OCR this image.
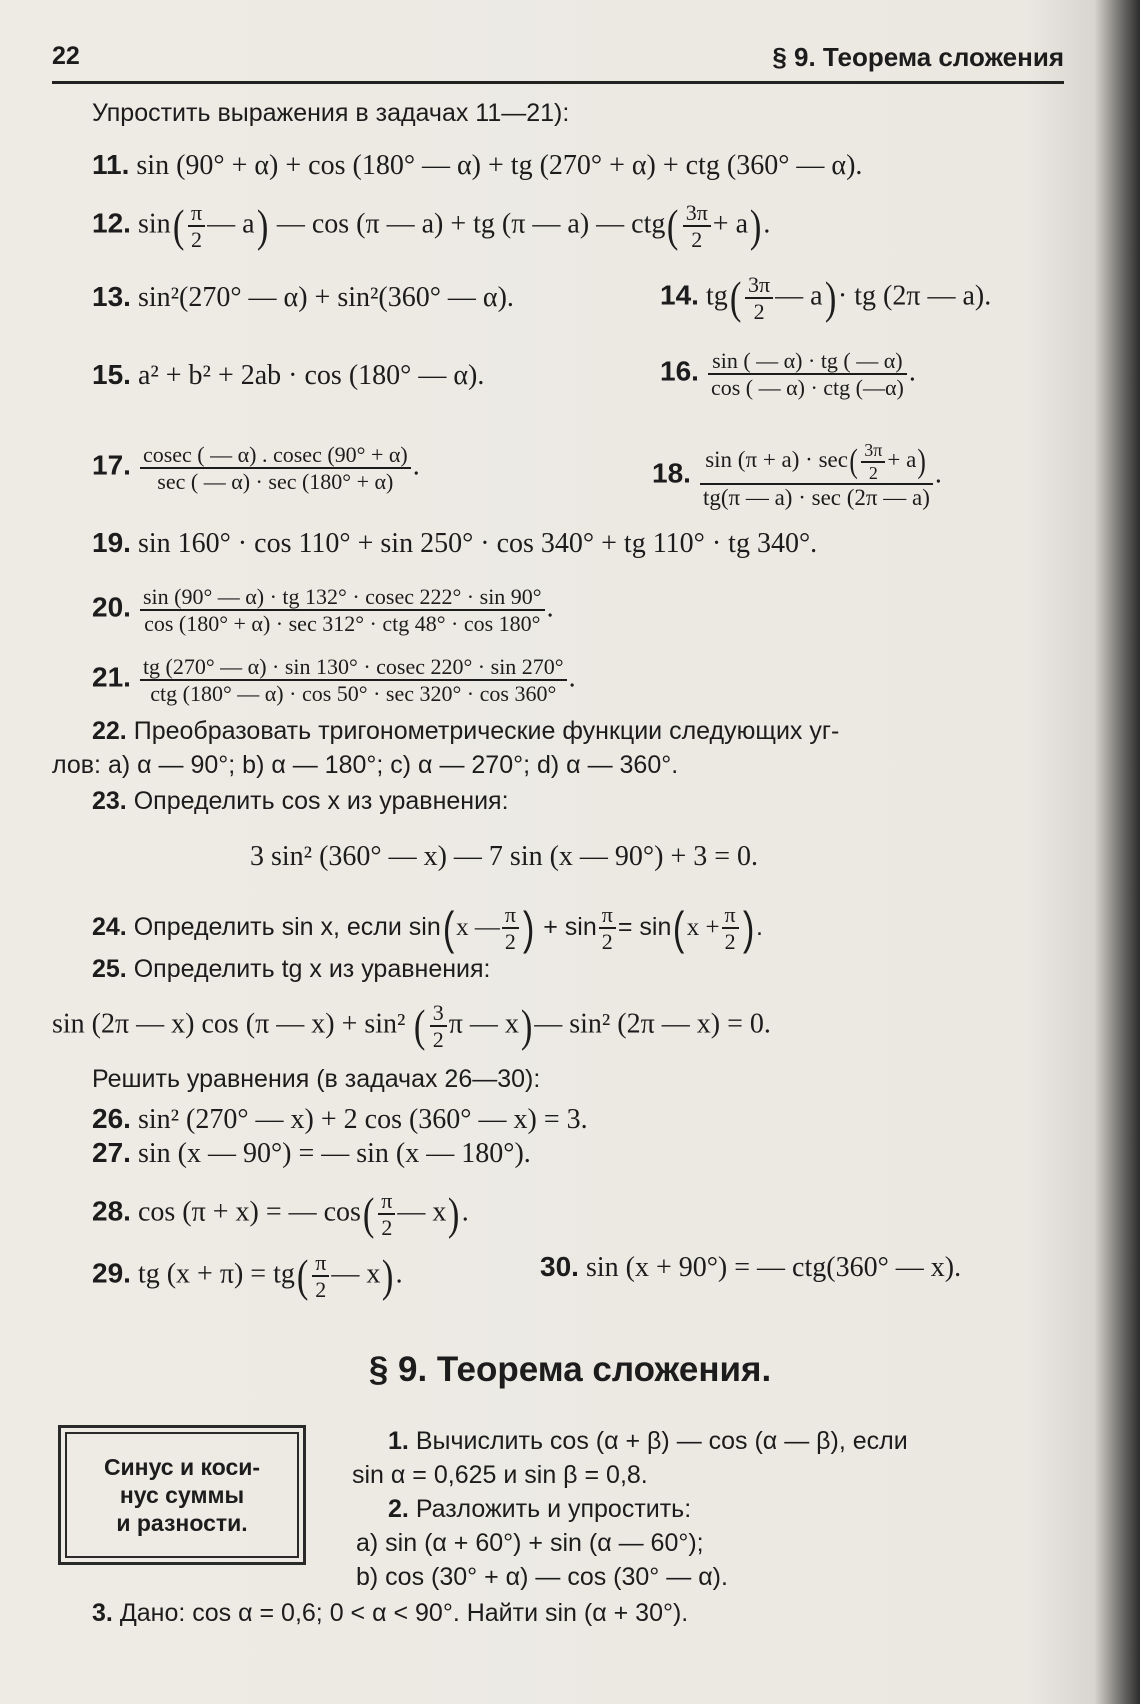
22	§ 9. Теорема сложения
Упростить выражения в задачах 11—21):
11. sin (90° + α) + cos (180° — α) + tg (270° + α) + ctg (360° — α).
12. $\sin( \frac{\pi}{2}$ — a) — cos (π — a) + tg (π — a) — $ctg( \frac{3\pi}{2} + a)$.
13. sin²(270° — α) + sin²(360° — α).	14. $tg( \frac{3\pi}{2}$ — a)· tg (2π — a).
15. a² + b² + 2ab · cos (180° — α).	16. $\frac{\sin ( — \alpha) \cdot tg ( — \alpha)}{\text{cos ( — α) · ctg (—α)}}$ .
17. $\frac{cosec ( — \alpha) . cosec (90^\circ + \alpha)}{\sec ( — \alpha) \cdot \sec (180^\circ + \alpha)}$ .	18. $\frac{\sin (\pi + a) \cdot \sec( \frac{3\pi}{2} + a)}{tg(\pi — a) \cdot \sec (2\pi — a)}$ .
19. sin 160° · cos 110° + sin 250° · cos 340° + tg 110° · tg 340°.
20. $\frac{\sin (90^\circ — \alpha) \cdot tg 132^\circ \cdot cosec 222^\circ \cdot \sin 90^\circ}{\text{cos (180° + α) · sec 312° · ctg 48° · cos 180°}}$ .
21. $\frac{tg (270^\circ — \alpha) \cdot \sin 130^\circ \cdot cosec 220^\circ \cdot \sin 270^\circ}{\text{ctg (180° — α) · cos 50° · sec 320° · cos 360°}}$ .
22. Преобразовать тригонометрические функции следующих уг-
лов: a) α — 90°; b) α — 180°; c) α — 270°; d) α — 360°.
23. Определить cos x из уравнения:
3 sin² (360° — x) — 7 sin (x — 90°) + 3 = 0.
24. Определить sin x, если sin(x — $\frac{\pi}{2}$ ) + $\sin \frac{\pi}{2} = \sin(x + \frac{\pi}{2}$ ).
25. Определить tg x из уравнения:
sin (2π — x) cos (π — x) + sin² ( $\frac{3}{2}$ π — x)— sin² (2π — x) = 0.
Решить уравнения (в задачах 26—30):
26. sin² (270° — x) + 2 cos (360° — x) = 3.
27. sin (x — 90°) = — sin (x — 180°).
28. cos (π + x) = — $\cos( \frac{\pi}{2}$ — x).
29. tg $(x + \pi) = tg( \frac{\pi}{2}$ — x).	30. sin (x + 90°) = — ctg(360° — x).
§ 9. Теорема сложения.
Синус и коси-
нус суммы
и разности.
1. Вычислить cos (α + β) — cos (α — β), если
sin α = 0,625 и sin β = 0,8.
2. Разложить и упростить:
a) sin (α + 60°) + sin (α — 60°);
b) cos (30° + α) — cos (30° — α).
3. Дано: cos α = 0,6; 0 < α < 90°. Найти sin (α + 30°).
